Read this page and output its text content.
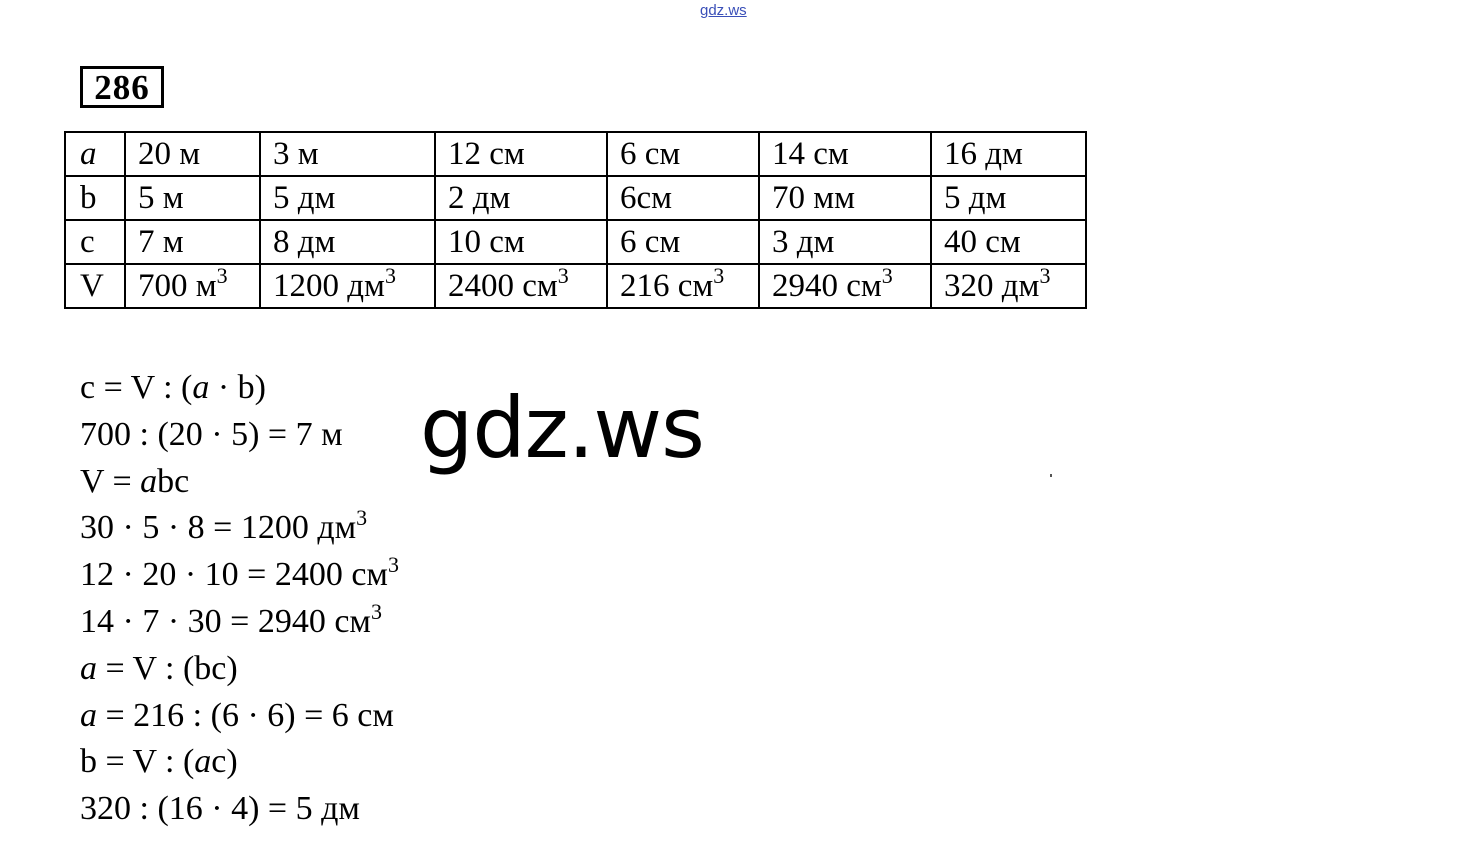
gdz.ws
286
a	20 м	3 м	12 см	6 см	14 см	16 дм
b	5 м	5 дм	2 дм	6см	70 мм	5 дм
c	7 м	8 дм	10 см	6 см	3 дм	40 см
V	700 $м^3$	1200 $дм^3$	2400 $см^3$	216 $см^3$	2940 $см^3$	320 $дм^3$
c = V : (a · b)
700 : (20 · 5) = 7 м
V = abc
30 · 5 · 8 = 1200 $дм^3$
12 · 20 · 10 = 2400 $см^3$
14 · 7 · 30 = 2940 $см^3$
a = V : (bc)
a = 216 : (6 · 6) = 6 см
b = V : (ac)
320 : (16 · 4) = 5 дм
gdz.ws
